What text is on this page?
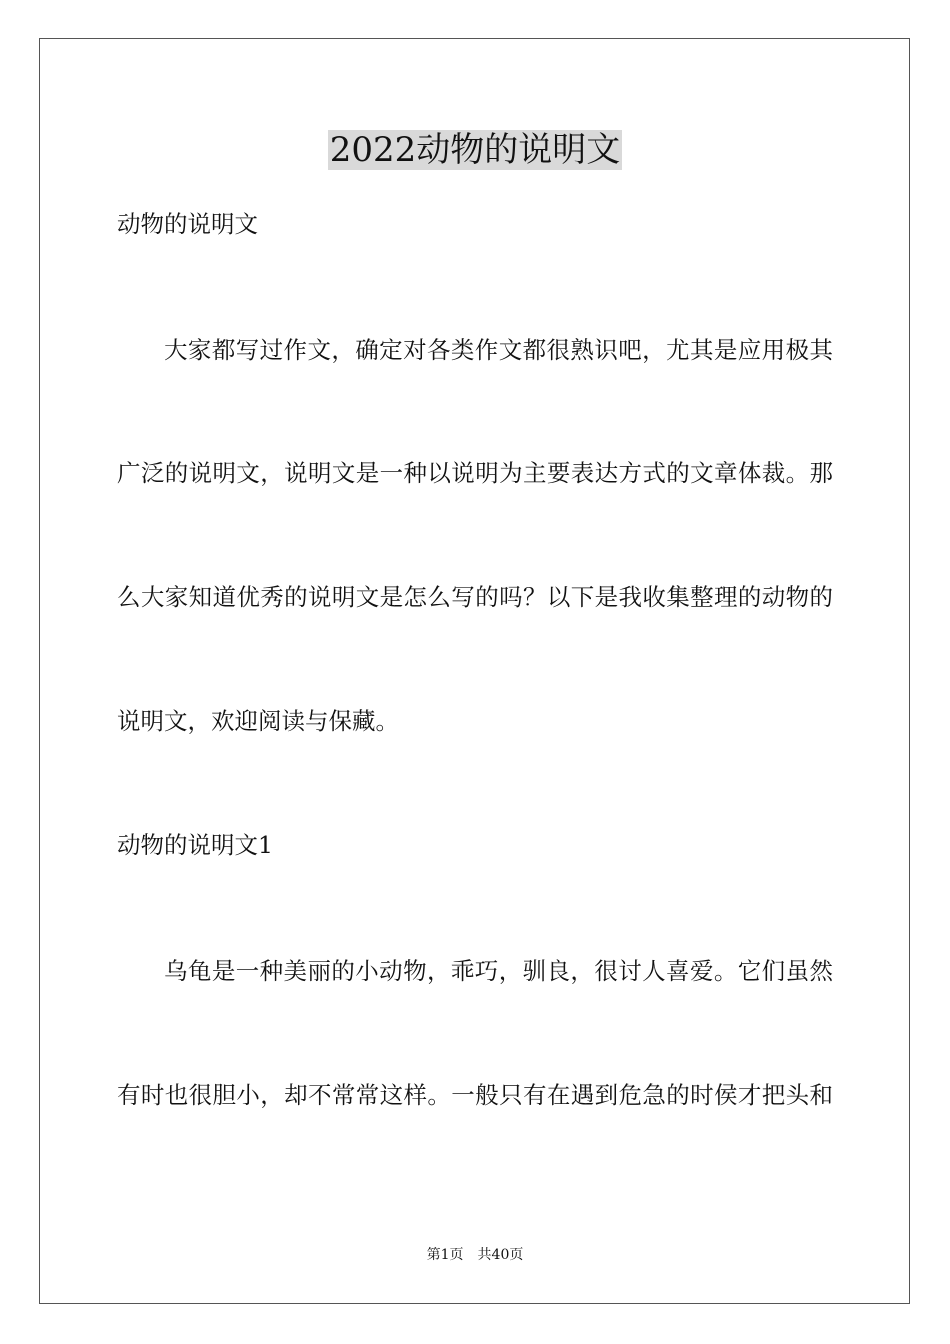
2022动物的说明文
动物的说明文
大家都写过作文，确定对各类作文都很熟识吧，尤其是应用极其
广泛的说明文，说明文是一种以说明为主要表达方式的文章体裁。那
么大家知道优秀的说明文是怎么写的吗？以下是我收集整理的动物的
说明文，欢迎阅读与保藏。
动物的说明文1
乌龟是一种美丽的小动物，乖巧，驯良，很讨人喜爱。它们虽然
有时也很胆小，却不常常这样。一般只有在遇到危急的时侯才把头和
第1页 共40页
